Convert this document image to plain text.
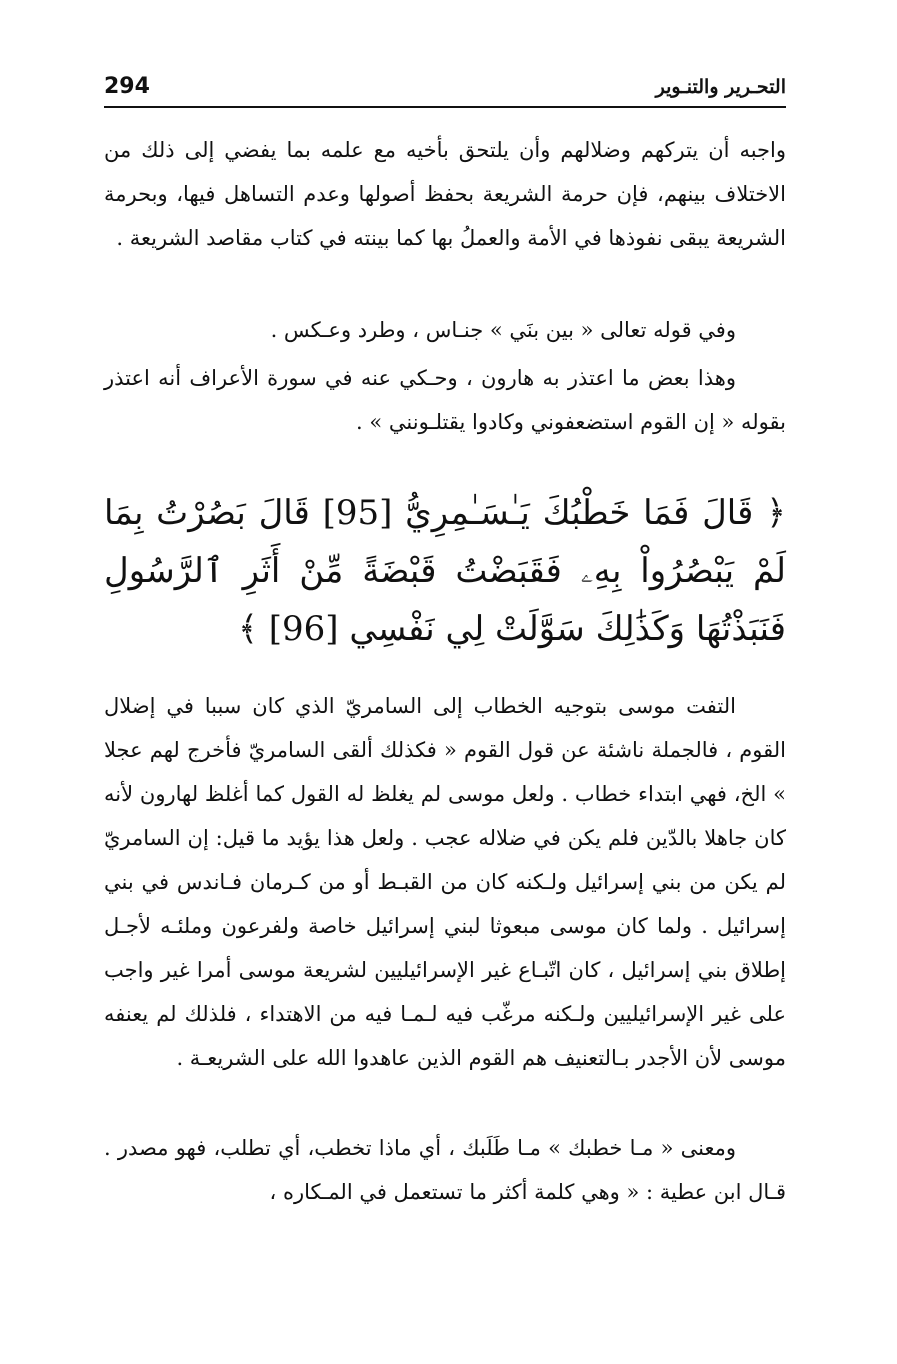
294	التحـرير والتنـوير

واجبه أن يتركهم وضلالهم وأن يلتحق بأخيه مع علمه بما يفضي إلى ذلك من الاختلاف بينهم، فإن حرمة الشريعة بحفظ أصولها وعدم التساهل فيها، وبحرمة الشريعة يبقى نفوذها في الأمة والعملُ بها كما بينته في كتاب مقاصد الشريعة .

وفي قوله تعالى « بين بنَي » جنـاس ، وطرد وعـكس .

وهذا بعض ما اعتذر به هارون ، وحـكي عنه في سورة الأعراف أنه اعتذر بقوله « إن القوم استضعفوني وكادوا يقتلـونني » .

﴿ قَالَ فَمَا خَطْبُكَ يَـٰسَـٰمِرِيُّ [95] قَالَ بَصُرْتُ بِمَا لَمْ يَبْصُرُواْ بِهِۦ فَقَبَضْتُ قَبْضَةً مِّنْ أَثَرِ ٱلرَّسُولِ فَنَبَذْتُهَا وَكَذَٰلِكَ سَوَّلَتْ لِي نَفْسِي [96] ﴾

التفت موسى بتوجيه الخطاب إلى السامريّ الذي كان سببا في إضلال القوم ، فالجملة ناشئة عن قول القوم « فكذلك ألقى السامريّ فأخرج لهم عجلا » الخ، فهي ابتداء خطاب . ولعل موسى لم يغلظ له القول كما أغلظ لهارون لأنه كان جاهلا بالدّين فلم يكن في ضلاله عجب . ولعل هذا يؤيد ما قيل: إن السامريّ لم يكن من بني إسرائيل ولـكنه كان من القبـط أو من كـرمان فـاندس في بني إسرائيل . ولما كان موسى مبعوثا لبني إسرائيل خاصة ولفرعون وملئـه لأجـل إطلاق بني إسرائيل ، كان اتّبـاع غير الإسرائيليين لشريعة موسى أمرا غير واجب على غير الإسرائيليين ولـكنه مرغّب فيه لـمـا فيه من الاهتداء ، فلذلك لم يعنفه موسى لأن الأجدر بـالتعنيف هم القوم الذين عاهدوا الله على الشريعـة .

ومعنى « مـا خطبك » مـا طَلَبك ، أي ماذا تخطب، أي تطلب، فهو مصدر . قـال ابن عطية : « وهي كلمة أكثر ما تستعمل في المـكاره ،
